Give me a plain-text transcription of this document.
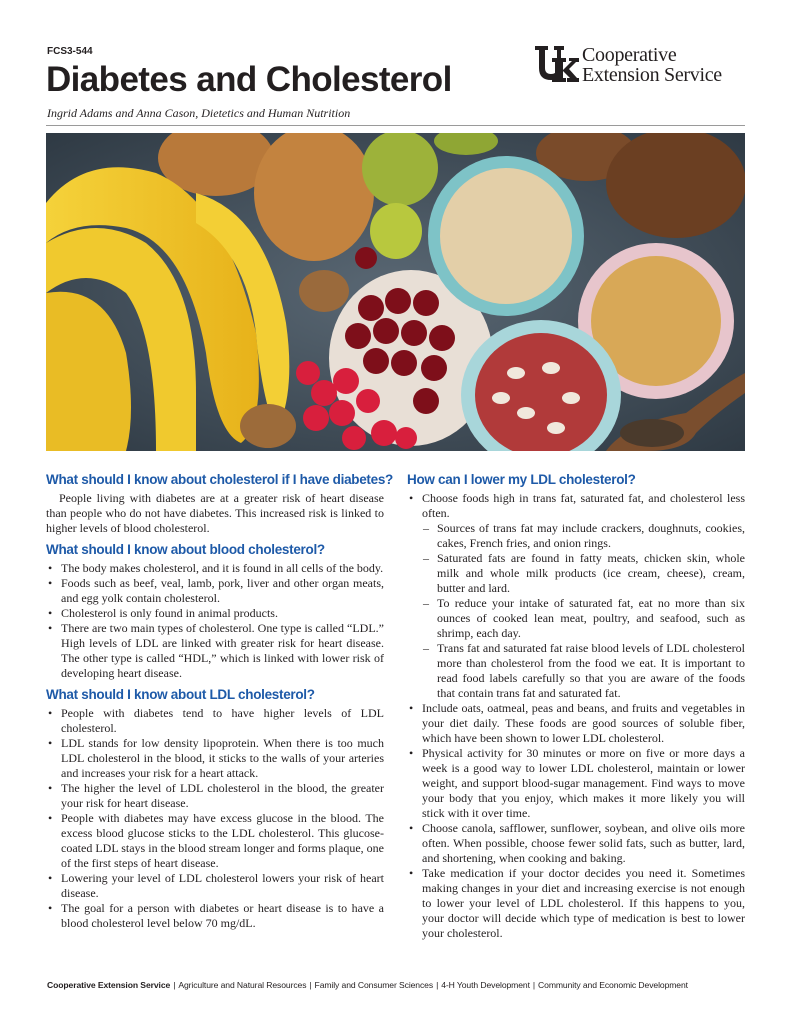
FCS3-544
Diabetes and Cholesterol
Ingrid Adams and Anna Cason, Dietetics and Human Nutrition
Cooperative
Extension Service
What should I know about cholesterol if I have diabetes?

People living with diabetes are at a greater risk of heart disease than people who do not have diabetes. This increased risk is linked to higher levels of blood cholesterol.

What should I know about blood cholesterol?
• The body makes cholesterol, and it is found in all cells of the body.
• Foods such as beef, veal, lamb, pork, liver and other organ meats, and egg yolk contain cholesterol.
• Cholesterol is only found in animal products.
• There are two main types of cholesterol. One type is called “LDL.” High levels of LDL are linked with greater risk for heart disease. The other type is called “HDL,” which is linked with lower risk of developing heart disease.
What should I know about LDL cholesterol?
• People with diabetes tend to have higher levels of LDL cholesterol.
• LDL stands for low density lipoprotein. When there is too much LDL cholesterol in the blood, it sticks to the walls of your arteries and increases your risk for a heart attack.
• The higher the level of LDL cholesterol in the blood, the greater your risk for heart disease.
• People with diabetes may have excess glucose in the blood. The excess blood glucose sticks to the LDL cholesterol. This glucose-coated LDL stays in the blood stream longer and forms plaque, one of the first steps of heart disease.
• Lowering your level of LDL cholesterol lowers your risk of heart disease.
• The goal for a person with diabetes or heart disease is to have a blood cholesterol level below 70 mg/dL.
How can I lower my LDL cholesterol?
• Choose foods high in trans fat, saturated fat, and cholesterol less often.
– Sources of trans fat may include crackers, doughnuts, cookies, cakes, French fries, and onion rings.
– Saturated fats are found in fatty meats, chicken skin, whole milk and whole milk products (ice cream, cheese), cream, butter and lard.
– To reduce your intake of saturated fat, eat no more than six ounces of cooked lean meat, poultry, and seafood, such as shrimp, each day.
– Trans fat and saturated fat raise blood levels of LDL cholesterol more than cholesterol from the food we eat. It is important to read food labels carefully so that you are aware of the foods that contain trans fat and saturated fat.
• Include oats, oatmeal, peas and beans, and fruits and vegetables in your diet daily. These foods are good sources of soluble fiber, which have been shown to lower LDL cholesterol.
• Physical activity for 30 minutes or more on five or more days a week is a good way to lower LDL cholesterol, maintain or lower weight, and support blood-sugar management. Find ways to move your body that you enjoy, which makes it more likely you will stick with it over time.
• Choose canola, safflower, sunflower, soybean, and olive oils more often. When possible, choose fewer solid fats, such as butter, lard, and shortening, when cooking and baking.
• Take medication if your doctor decides you need it. Sometimes making changes in your diet and increasing exercise is not enough to lower your level of LDL cholesterol. If this happens to you, your doctor will decide which type of medication is best to lower your cholesterol.
Cooperative Extension Service | Agriculture and Natural Resources | Family and Consumer Sciences | 4-H Youth Development | Community and Economic Development
